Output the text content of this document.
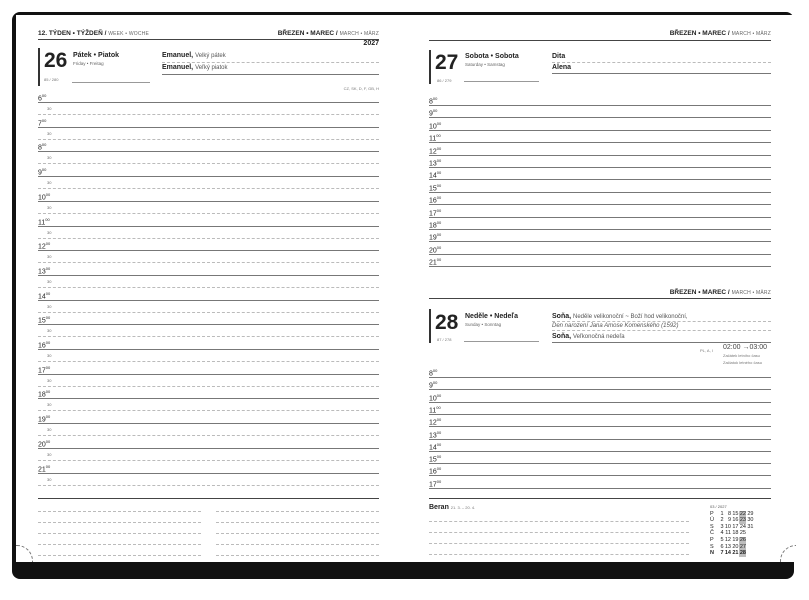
12. TÝDEN • TÝŽDEŇ / WEEK • WOCHE	BŘEZEN • MAREC / MARCH • MÄRZ
2027
26 Pátek • Piatok
Friday • Freitag
85 / 280
Emanuel, Velký pátek
Emanuel, Veľký piatok
CZ, SK, D, F, GB, H
$6^{00}$
30
$7^{00}$
30
$8^{00}$
30
$9^{00}$
30
$10^{00}$
30
$11^{00}$
30
$12^{00}$
30
$13^{00}$
30
$14^{00}$
30
$15^{00}$
30
$16^{00}$
30
$17^{00}$
30
$18^{00}$
30
$19^{00}$
30
$20^{00}$
30
$21^{00}$
30
BŘEZEN • MAREC / MARCH • MÄRZ
27 Sobota • Sobota
Saturday • Samstag
86 / 279
Dita
Alena
$8^{00}$
$9^{00}$
$10^{00}$
$11^{00}$
$12^{00}$
$13^{00}$
$14^{00}$
$15^{00}$
$16^{00}$
$17^{00}$
$18^{00}$
$19^{00}$
$20^{00}$
$21^{00}$
BŘEZEN • MAREC / MARCH • MÄRZ
28 Neděle • Nedeľa
Sunday • Sonntag
87 / 278
Soňa, Neděle velikonoční ~ Boží hod velikonoční,
Den narození Jana Amose Komenského (1592)
Soňa, Veľkonočná nedeľa
PL, A, I 02:00 →03:00
Začátek letního času
Začiatok letného času
$8^{00}$
$9^{00}$
$10^{00}$
$11^{00}$
$12^{00}$
$13^{00}$
$14^{00}$
$15^{00}$
$16^{00}$
$17^{00}$
Beran 21. 3. – 20. 4.	03 / 2027
P 1 8152229
Ú 2 9162330
S 310172431
Č 4 111825
P 5121926
S 6132027
N 7142128
